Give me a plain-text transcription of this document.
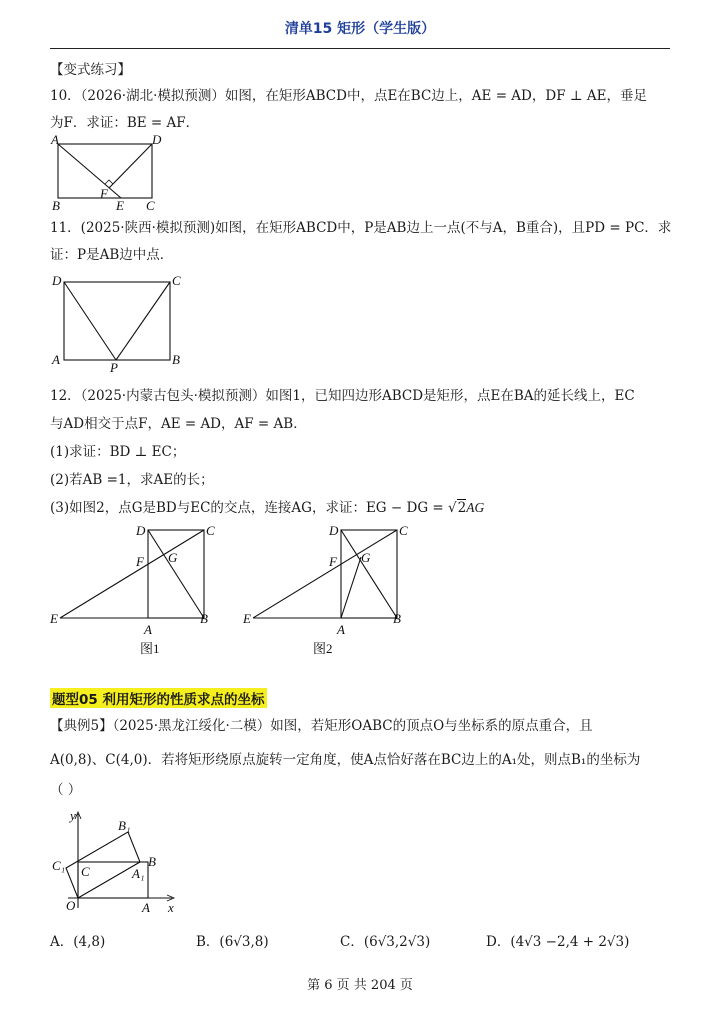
清单15 矩形（学生版）
【变式练习】
10．（2026·湖北·模拟预测）如图，在矩形ABCD中，点E在BC边上，AE = AD，DF ⊥ AE，垂足
为F．求证：BE = AF．
A	D
B	E C
F
11．(2025·陕西·模拟预测)如图，在矩形ABCD中，P是AB边上一点(不与A，B重合)，且PD = PC．求
证：P是AB边中点．
D	C
A	B
P
12．（2025·内蒙古包头·模拟预测）如图1，已知四边形ABCD是矩形，点E在BA的延长线上，EC
与AD相交于点F，AE = AD，AF = AB．
(1)求证：BD ⊥ EC；
(2)若AB =1，求AE的长；
(3)如图2，点G是BD与EC的交点，连接AG，求证：EG − DG = √2AG
D	C
F G
E
A
B
图1
D	C
F G
E
A
B
图2
题型05 利用矩形的性质求点的坐标
【典例5】（2025·黑龙江绥化·二模）如图，若矩形OABC的顶点O与坐标系的原点重合，且
A(0,8)、C(4,0)．若将矩形绕原点旋转一定角度，使A点恰好落在BC边上的A₁处，则点B₁的坐标为
（ ）
y
x
O	A
B
C	A₁
B₁
C₁
A．(4,8)	B．(6√3,8)	C．(6√3,2√3)	D．(4√3 −2,4 + 2√3)
第 6 页 共 204 页
